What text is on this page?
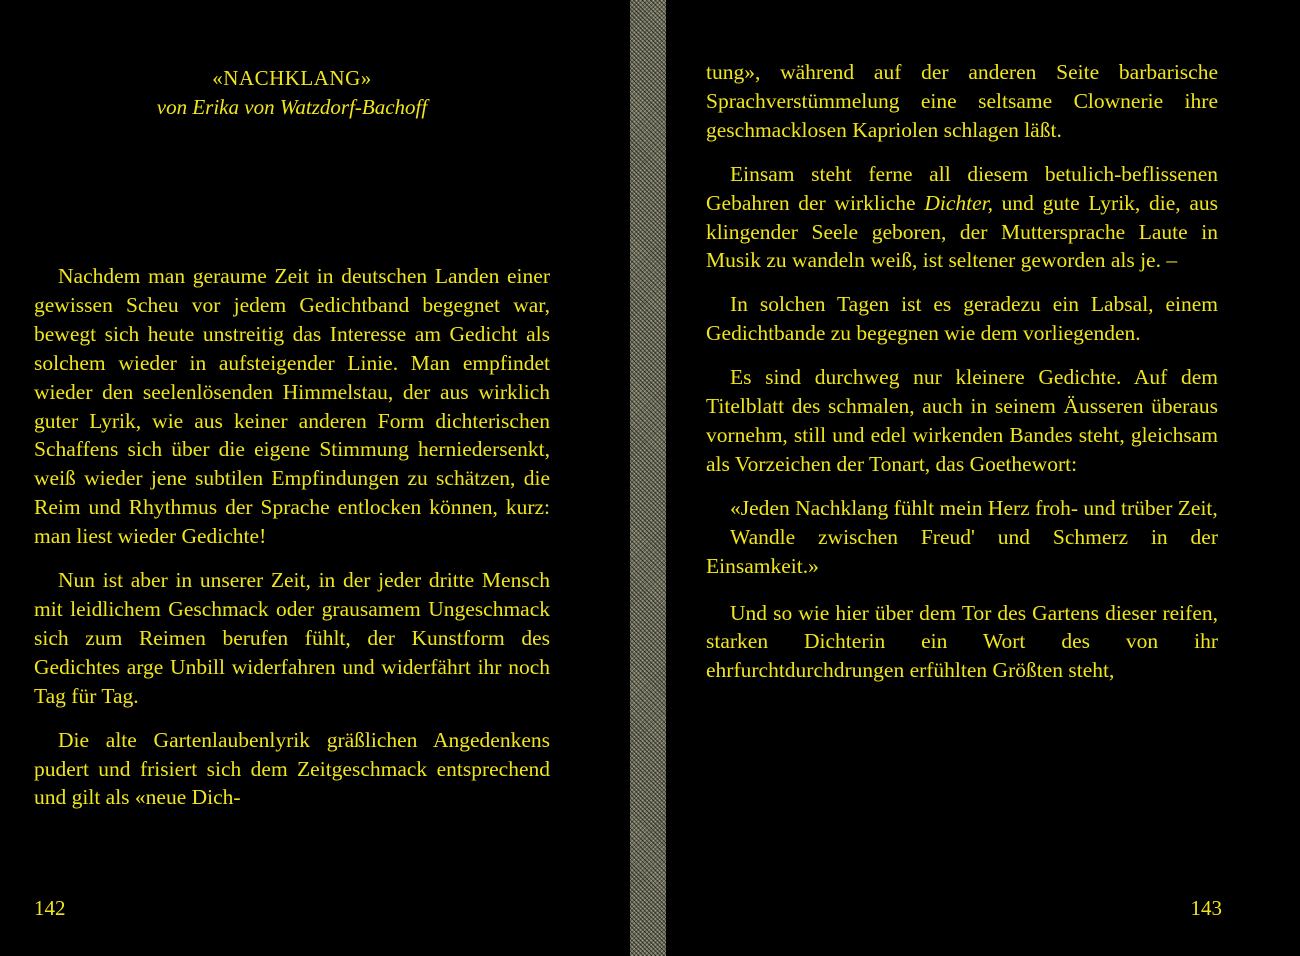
«NACHKLANG»
von Erika von Watzdorf-Bachoff

Nachdem man geraume Zeit in deutschen Landen einer gewissen Scheu vor jedem Gedichtband begegnet war, bewegt sich heute unstreitig das Interesse am Gedicht als solchem wieder in aufsteigender Linie. Man empfindet wieder den seelenlösenden Himmelstau, der aus wirklich guter Lyrik, wie aus keiner anderen Form dichterischen Schaffens sich über die eigene Stimmung herniedersenkt, weiß wieder jene subtilen Empfindungen zu schätzen, die Reim und Rhythmus der Sprache entlocken können, kurz: man liest wieder Gedichte!

Nun ist aber in unserer Zeit, in der jeder dritte Mensch mit leidlichem Geschmack oder grausamem Ungeschmack sich zum Reimen berufen fühlt, der Kunstform des Gedichtes arge Unbill widerfahren und widerfährt ihr noch Tag für Tag.

Die alte Gartenlaubenlyrik gräßlichen Angedenkens pudert und frisiert sich dem Zeitgeschmack entsprechend und gilt als «neue Dich-

142

tung», während auf der anderen Seite barbarische Sprachverstümmelung eine seltsame Clownerie ihre geschmacklosen Kapriolen schlagen läßt.

Einsam steht ferne all diesem betulich-beflissenen Gebahren der wirkliche Dichter, und gute Lyrik, die, aus klingender Seele geboren, der Muttersprache Laute in Musik zu wandeln weiß, ist seltener geworden als je. –

In solchen Tagen ist es geradezu ein Labsal, einem Gedichtbande zu begegnen wie dem vorliegenden.

Es sind durchweg nur kleinere Gedichte. Auf dem Titelblatt des schmalen, auch in seinem Äusseren überaus vornehm, still und edel wirkenden Bandes steht, gleichsam als Vorzeichen der Tonart, das Goethewort:

«Jeden Nachklang fühlt mein Herz froh- und trüber Zeit,
Wandle zwischen Freud' und Schmerz in der Einsamkeit.»

Und so wie hier über dem Tor des Gartens dieser reifen, starken Dichterin ein Wort des von ihr ehrfurchtdurchdrungen erfühlten Größten steht,

143
